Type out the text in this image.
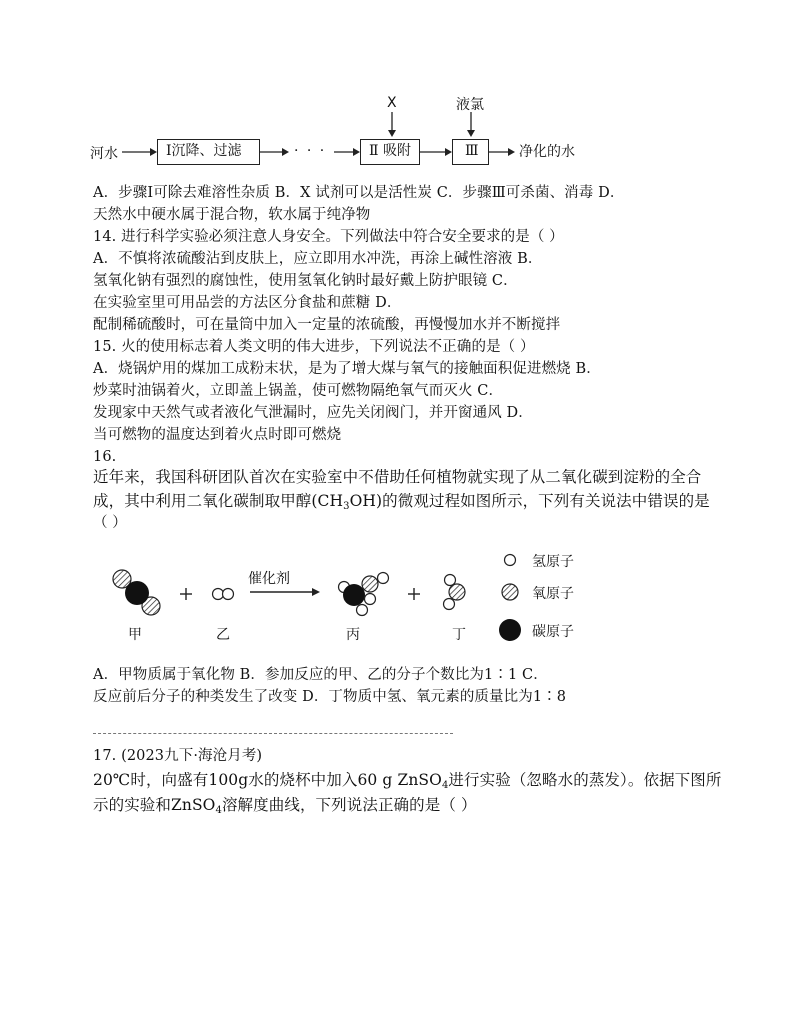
河水	Ⅰ沉降、过滤	· · ·	Ⅱ 吸附	Ⅲ
X	液氯
净化的水
A．步骤Ⅰ可除去难溶性杂质 B．X 试剂可以是活性炭 C．步骤Ⅲ可杀菌、消毒 D．
天然水中硬水属于混合物，软水属于纯净物
14. 进行科学实验必须注意人身安全。下列做法中符合安全要求的是（ ）
A．不慎将浓硫酸沾到皮肤上，应立即用水冲洗，再涂上碱性溶液 B．
氢氧化钠有强烈的腐蚀性，使用氢氧化钠时最好戴上防护眼镜 C．
在实验室里可用品尝的方法区分食盐和蔗糖 D．
配制稀硫酸时，可在量筒中加入一定量的浓硫酸，再慢慢加水并不断搅拌
15. 火的使用标志着人类文明的伟大进步，下列说法不正确的是（ ）
A．烧锅炉用的煤加工成粉末状，是为了增大煤与氧气的接触面积促进燃烧 B．
炒菜时油锅着火，立即盖上锅盖，使可燃物隔绝氧气而灭火 C．
发现家中天然气或者液化气泄漏时，应先关闭阀门，并开窗通风 D．
当可燃物的温度达到着火点时即可燃烧
16.
近年来，我国科研团队首次在实验室中不借助任何植物就实现了从二氧化碳到淀粉的全合
成，其中利用二氧化碳制取甲醇$(CH_3OH)$的微观过程如图所示，下列有关说法中错误的是
（ ）
催化剂
甲	乙	丙	丁
氢原子
氧原子
碳原子
A．甲物质属于氧化物 B．参加反应的甲、乙的分子个数比为1∶1 C．
反应前后分子的种类发生了改变 D．丁物质中氢、氧元素的质量比为1∶8
17. (2023九下·海沧月考)
20℃时，向盛有100g水的烧杯中加入60 g ZnSO$_4$进行实验（忽略水的蒸发）。依据下图所
示的实验和ZnSO$_4$溶解度曲线，下列说法正确的是（ ）
